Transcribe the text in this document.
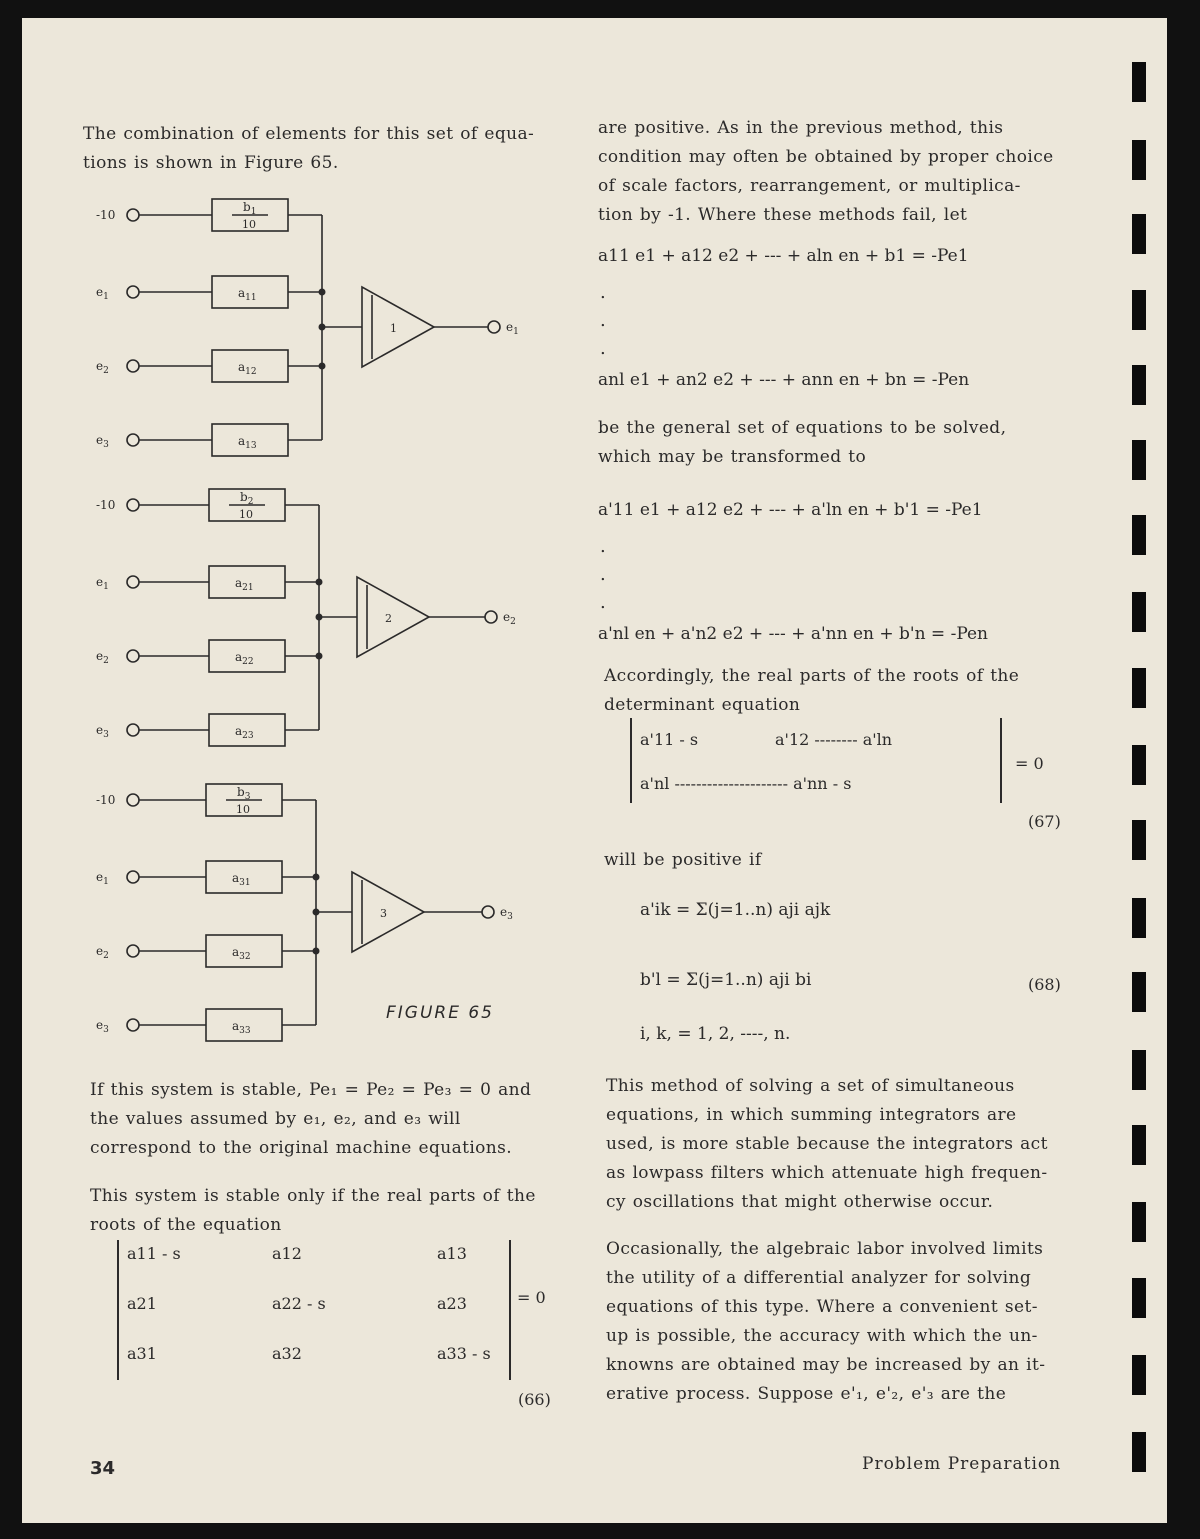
The combination of elements for this set of equa- tions is shown in Figure 65.

-10
$b_1$
10
$e_1$	$a_{11}$
$e_2$	$a_{12}$
$e_3$	$a_{13}$
1	$e_1$
-10
$b_2$
10
$e_1$	$a_{21}$
$e_2$	$a_{22}$
$e_3$	$a_{23}$
2	$e_2$
-10
$b_3$
10
$e_1$	$a_{31}$
$e_2$	$a_{32}$
$e_3$	$a_{33}$
3	$e_3$
FIGURE 65

If this system is stable, Pe₁ = Pe₂ = Pe₃ = 0 and the values assumed by e₁, e₂, and e₃ will correspond to the original machine equations.

This system is stable only if the real parts of the roots of the equation

a11 - s	a12	a13
a21	a22 - s	a23
a31	a32	a33 - s
= 0
(66)
34

are positive. As in the previous method, this condition may often be obtained by proper choice of scale factors, rearrangement, or multiplica- tion by -1. Where these methods fail, let

a11 e1 + a12 e2 + --- + aln en + b1 = -Pe1
.
.
.
anl e1 + an2 e2 + --- + ann en + bn = -Pen

be the general set of equations to be solved, which may be transformed to

a'11 e1 + a12 e2 + --- + a'ln en + b'1 = -Pe1
.
.
.
a'nl en + a'n2 e2 + --- + a'nn en + b'n = -Pen

Accordingly, the real parts of the roots of the determinant equation

a'11 - s	a'12 -------- a'ln
a'nl --------------------- a'nn - s
= 0
(67)

will be positive if

a'ik = Σ(j=1..n) aji ajk
b'l = Σ(j=1..n) aji bi	(68)
i, k, = 1, 2, ----, n.

This method of solving a set of simultaneous equations, in which summing integrators are used, is more stable because the integrators act as lowpass filters which attenuate high frequen- cy oscillations that might otherwise occur.

Occasionally, the algebraic labor involved limits the utility of a differential analyzer for solving equations of this type. Where a convenient set- up is possible, the accuracy with which the un- knowns are obtained may be increased by an it- erative process. Suppose e'₁, e'₂, e'₃ are the

Problem Preparation
